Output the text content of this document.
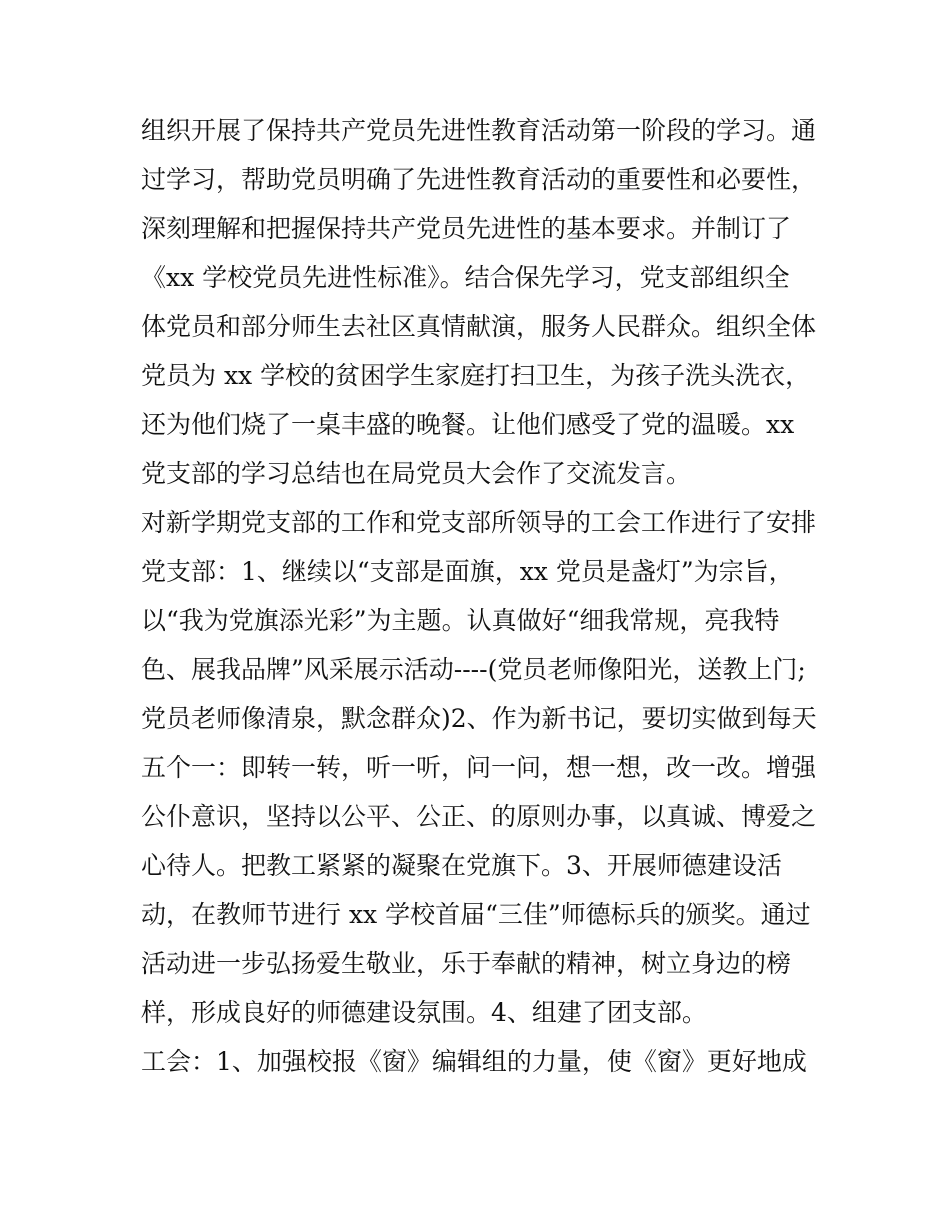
组织开展了保持共产党员先进性教育活动第一阶段的学习。通
过学习，帮助党员明确了先进性教育活动的重要性和必要性，
深刻理解和把握保持共产党员先进性的基本要求。并制订了
《xx 学校党员先进性标准》。结合保先学习，党支部组织全
体党员和部分师生去社区真情献演，服务人民群众。组织全体
党员为 xx 学校的贫困学生家庭打扫卫生，为孩子洗头洗衣，
还为他们烧了一桌丰盛的晚餐。让他们感受了党的温暖。xx
党支部的学习总结也在局党员大会作了交流发言。
对新学期党支部的工作和党支部所领导的工会工作进行了安排
党支部：1、继续以“支部是面旗，xx 党员是盏灯”为宗旨，
以“我为党旗添光彩”为主题。认真做好“细我常规，亮我特
色、展我品牌”风采展示活动----(党员老师像阳光，送教上门;
党员老师像清泉，默念群众)2、作为新书记，要切实做到每天
五个一：即转一转，听一听，问一问，想一想，改一改。增强
公仆意识，坚持以公平、公正、的原则办事，以真诚、博爱之
心待人。把教工紧紧的凝聚在党旗下。3、开展师德建设活
动，在教师节进行 xx 学校首届“三佳”师德标兵的颁奖。通过
活动进一步弘扬爱生敬业，乐于奉献的精神，树立身边的榜
样，形成良好的师德建设氛围。4、组建了团支部。
工会：1、加强校报《窗》编辑组的力量，使《窗》更好地成
